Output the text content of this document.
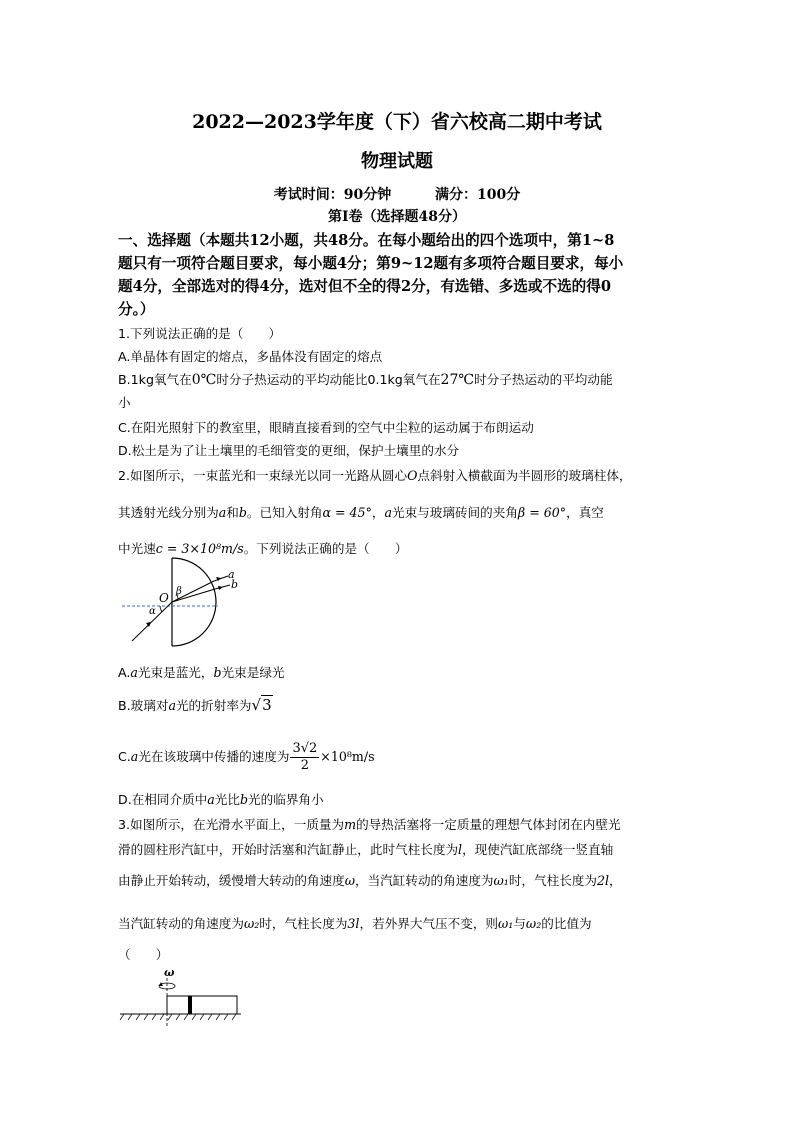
2022—2023学年度（下）省六校高二期中考试
物理试题
考试时间：90分钟	满分：100分
第Ⅰ卷（选择题48分）
一、选择题（本题共12小题，共48分。在每小题给出的四个选项中，第1~8
题只有一项符合题目要求，每小题4分；第9~12题有多项符合题目要求，每小
题4分，全部选对的得4分，选对但不全的得2分，有选错、多选或不选的得0
分。）
1.下列说法正确的是（　　）
A.单晶体有固定的熔点，多晶体没有固定的熔点
B.1kg氧气在0℃时分子热运动的平均动能比0.1kg氧气在27℃时分子热运动的平均动能
小
C.在阳光照射下的教室里，眼睛直接看到的空气中尘粒的运动属于布朗运动
D.松土是为了让土壤里的毛细管变的更细，保护土壤里的水分
2.如图所示，一束蓝光和一束绿光以同一光路从圆心O点斜射入横截面为半圆形的玻璃柱体，
其透射光线分别为a和b。已知入射角α = 45°，a光束与玻璃砖间的夹角β = 60°，真空
中光速c = 3×10⁸m/s。下列说法正确的是（　　）
a
b
O
α
β
A.a光束是蓝光，b光束是绿光
B.玻璃对a光的折射率为√3
C.a光在该玻璃中传播的速度为 $\frac{3√2}{2} \times 10^8m/s$
D.在相同介质中a光比b光的临界角小
3.如图所示，在光滑水平面上，一质量为m的导热活塞将一定质量的理想气体封闭在内壁光
滑的圆柱形汽缸中，开始时活塞和汽缸静止，此时气柱长度为l，现使汽缸底部绕一竖直轴
由静止开始转动，缓慢增大转动的角速度ω，当汽缸转动的角速度为ω₁时，气柱长度为2l，
当汽缸转动的角速度为ω₂时，气柱长度为3l，若外界大气压不变，则ω₁与ω₂的比值为
（　　）
ω
